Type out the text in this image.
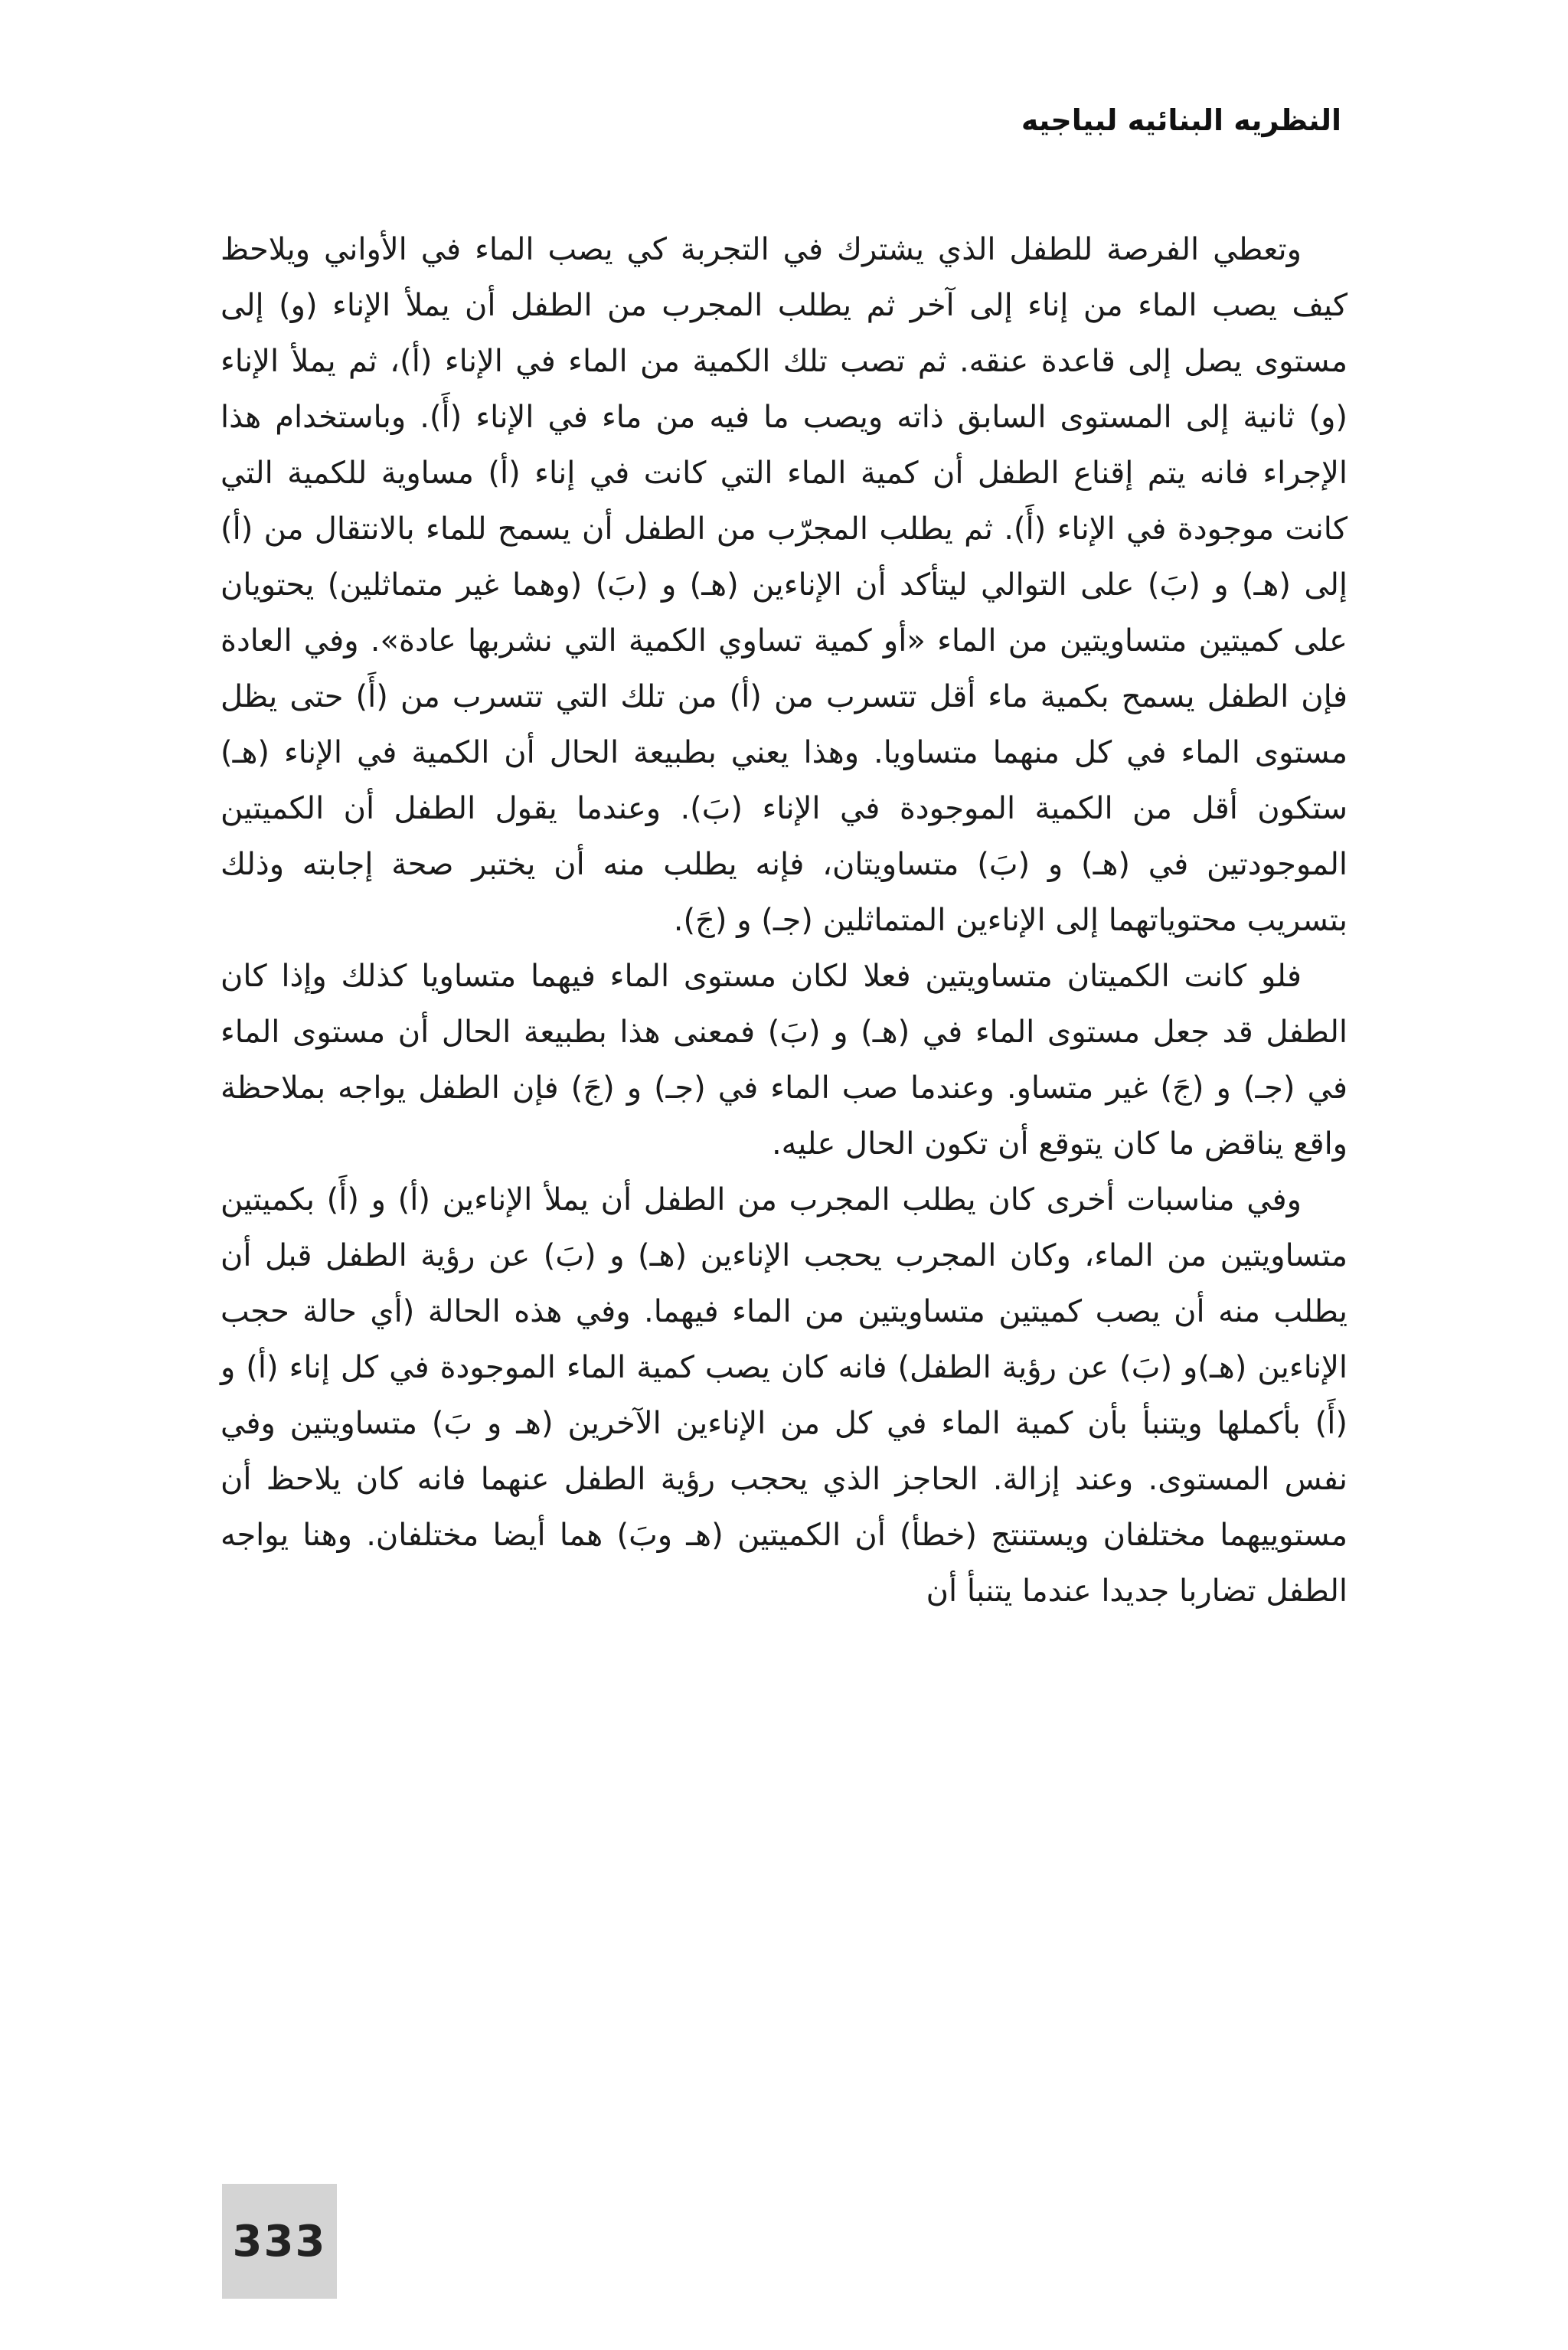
النظريه البنائيه لبياجيه

وتعطي الفرصة للطفل الذي يشترك في التجربة كي يصب الماء في الأواني ويلاحظ كيف يصب الماء من إناء إلى آخر ثم يطلب المجرب من الطفل أن يملأ الإناء (و) إلى مستوى يصل إلى قاعدة عنقه. ثم تصب تلك الكمية من الماء في الإناء (أ)، ثم يملأ الإناء (و) ثانية إلى المستوى السابق ذاته ويصب ما فيه من ماء في الإناء (أَ). وباستخدام هذا الإجراء فانه يتم إقناع الطفل أن كمية الماء التي كانت في إناء (أ) مساوية للكمية التي كانت موجودة في الإناء (أَ). ثم يطلب المجرّب من الطفل أن يسمح للماء بالانتقال من (أ) إلى (هـ) و (بَ) على التوالي ليتأكد أن الإناءين (هـ) و (بَ) (وهما غير متماثلين) يحتويان على كميتين متساويتين من الماء «أو كمية تساوي الكمية التي نشربها عادة». وفي العادة فإن الطفل يسمح بكمية ماء أقل تتسرب من (أ) من تلك التي تتسرب من (أَ) حتى يظل مستوى الماء في كل منهما متساويا. وهذا يعني بطبيعة الحال أن الكمية في الإناء (هـ) ستكون أقل من الكمية الموجودة في الإناء (بَ). وعندما يقول الطفل أن الكميتين الموجودتين في (هـ) و (بَ) متساويتان، فإنه يطلب منه أن يختبر صحة إجابته وذلك بتسريب محتوياتهما إلى الإناءين المتماثلين (جـ) و (جَ).

فلو كانت الكميتان متساويتين فعلا لكان مستوى الماء فيهما متساويا كذلك وإذا كان الطفل قد جعل مستوى الماء في (هـ) و (بَ) فمعنى هذا بطبيعة الحال أن مستوى الماء في (جـ) و (جَ) غير متساو. وعندما صب الماء في (جـ) و (جَ) فإن الطفل يواجه بملاحظة واقع يناقض ما كان يتوقع أن تكون الحال عليه.

وفي مناسبات أخرى كان يطلب المجرب من الطفل أن يملأ الإناءين (أ) و (أَ) بكميتين متساويتين من الماء، وكان المجرب يحجب الإناءين (هـ) و (بَ) عن رؤية الطفل قبل أن يطلب منه أن يصب كميتين متساويتين من الماء فيهما. وفي هذه الحالة (أي حالة حجب الإناءين (هـ)و (بَ) عن رؤية الطفل) فانه كان يصب كمية الماء الموجودة في كل إناء (أ) و (أَ) بأكملها ويتنبأ بأن كمية الماء في كل من الإناءين الآخرين (هـ و بَ) متساويتين وفي نفس المستوى. وعند إزالة. الحاجز الذي يحجب رؤية الطفل عنهما فانه كان يلاحظ أن مستوييهما مختلفان ويستنتج (خطأ) أن الكميتين (هـ وبَ) هما أيضا مختلفان. وهنا يواجه الطفل تضاربا جديدا عندما يتنبأ أن

333
